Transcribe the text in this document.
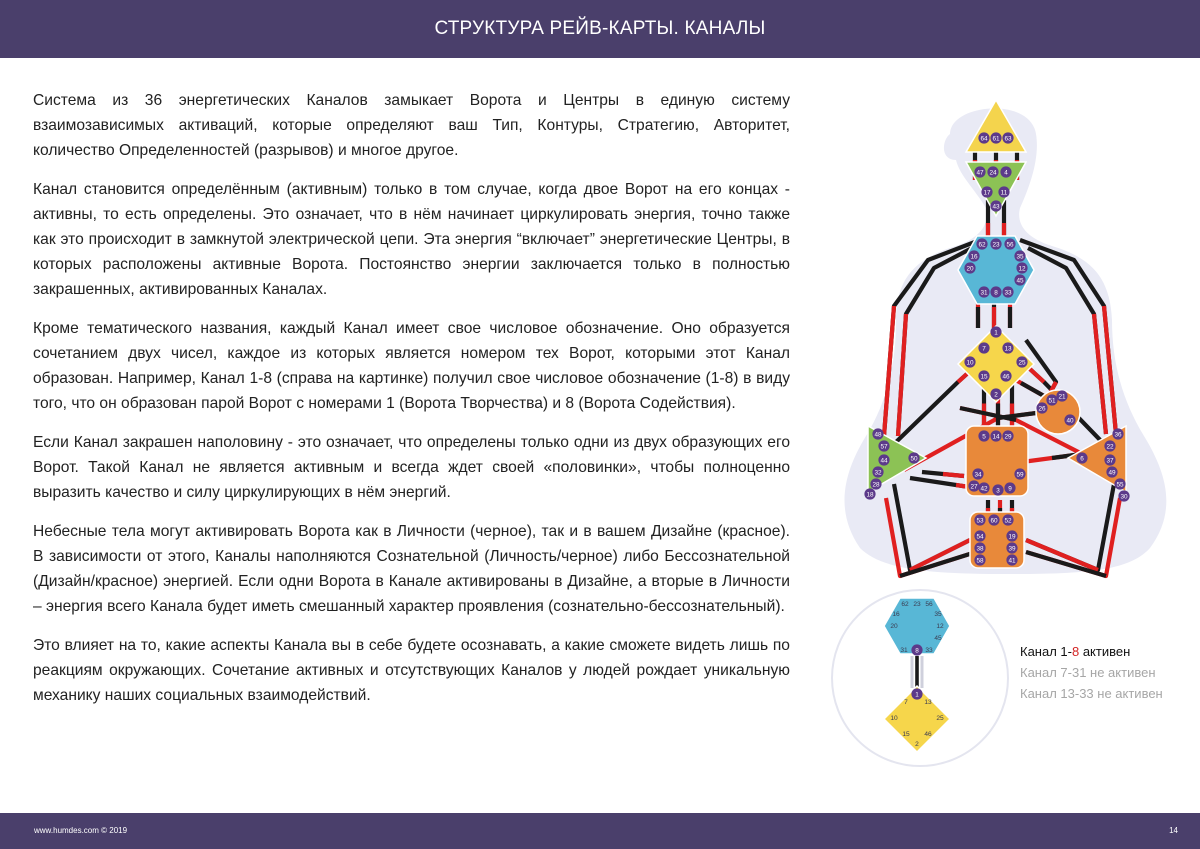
СТРУКТУРА РЕЙВ-КАРТЫ. КАНАЛЫ

Система из 36 энергетических Каналов замыкает Ворота и Центры в единую систему взаимозависимых активаций, которые определяют ваш Тип, Контуры, Стратегию, Авторитет, количество Определенностей (разрывов) и многое другое.

Канал становится определённым (активным) только в том случае, когда двое Ворот на его концах - активны, то есть определены. Это означает, что в нём начинает циркулировать энергия, точно также как это происходит в замкнутой электрической цепи. Эта энергия “включает” энергетические Центры, в которых расположены активные Ворота. Постоянство энергии заключается только в полностью закрашенных, активированных Каналах.

Кроме тематического названия, каждый Канал имеет свое числовое обозначение. Оно образуется сочетанием двух чисел, каждое из которых является номером тех Ворот, которыми этот Канал образован. Например, Канал 1-8 (справа на картинке) получил свое числовое обозначение (1-8) в виду того, что он образован парой Ворот с номерами 1 (Ворота Творчества) и 8 (Ворота Содействия).

Если Канал закрашен наполовину - это означает, что определены только одни из двух образующих его Ворот. Такой Канал не является активным и всегда ждет своей «половинки», чтобы полноценно выразить качество и силу циркулирующих в нём энергий.

Небесные тела могут активировать Ворота как в Личности (черное), так и в вашем Дизайне (красное). В зависимости от этого, Каналы наполняются Сознательной (Личность/черное) либо Бессознательной (Дизайн/красное) энергией. Если одни Ворота в Канале активированы в Дизайне, а вторые в Личности – энергия всего Канала будет иметь смешанный характер проявления (сознательно-бессознательный).

Это влияет на то, какие аспекты Канала вы в себе будете осознавать, а какие сможете видеть лишь по реакциям окружающих. Сочетание активных и отсутствующих Каналов у людей рождает уникальную механику наших социальных взаимодействий.

64 61 63
47 24 4
17 11
43
62 23 56
16	35
20	12
45
31 8 33
1
7	13
10	25
15 46
2
26
51
21
40
48
57
44	50
32
28
18
5 14 29
34
27 42 3 9
59
36
22
37
6
49
55
30
53 60 52
54	19
38	39
58	41
62 23 56
16	35
20	12
45
31 8 33
1
7 13
10	25
15 46
2
Канал 1-8 активен
Канал 7-31 не активен
Канал 13-33 не активен
www.humdes.com © 2019	14
